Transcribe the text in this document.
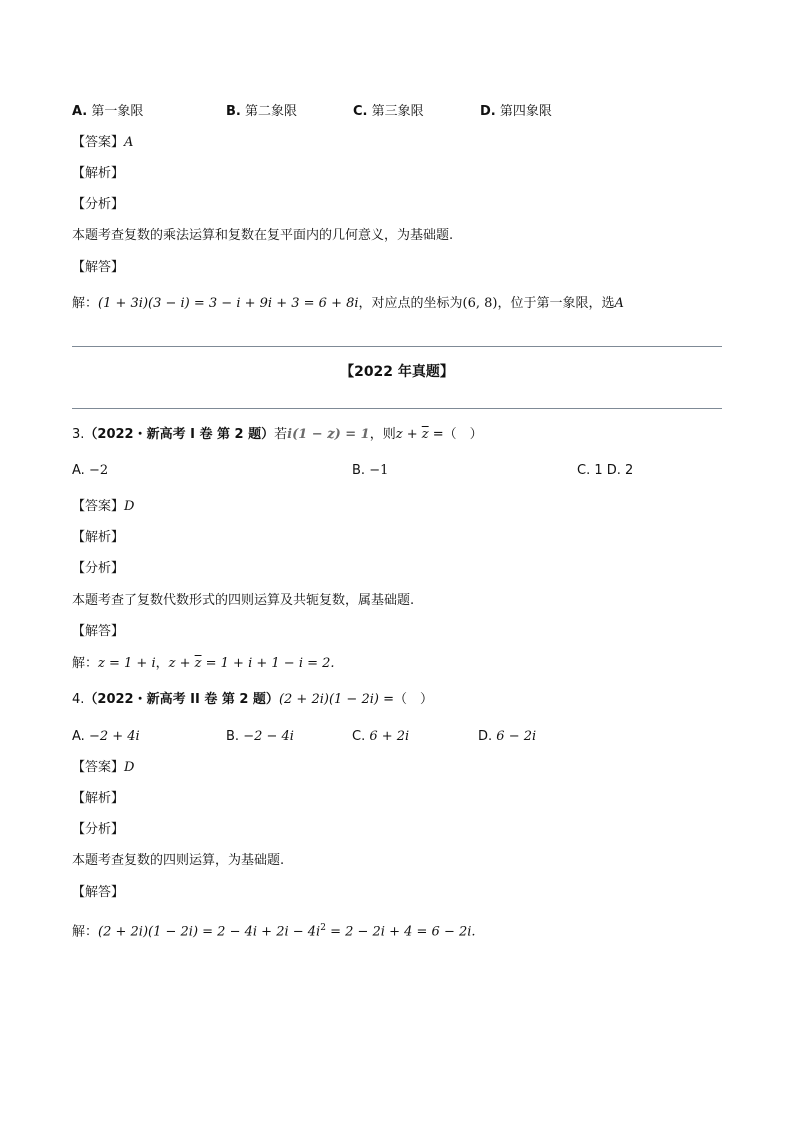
A. 第一象限	B. 第二象限	C. 第三象限	D. 第四象限
【答案】A
【解析】
【分析】
本题考查复数的乘法运算和复数在复平面内的几何意义，为基础题.
【解答】
解：(1 + 3i)(3 − i) = 3 − i + 9i + 3 = 6 + 8i，对应点的坐标为(6, 8)，位于第一象限，选A
【2022 年真题】
3.（2022・新高考 I 卷 第 2 题）若i(1 − z) = 1，则$z + \overline{z}$ =（　）
A. −2	B. −1	C. 1 D. 2
【答案】D
【解析】
【分析】
本题考查了复数代数形式的四则运算及共轭复数，属基础题.
【解答】
解：z = 1 + i，$z + \overline{z} = 1 + i + 1 - i = 2$.
4.（2022・新高考 II 卷 第 2 题）(2 + 2i)(1 − 2i) =（　）
A. −2 + 4i	B. −2 − 4i	C. 6 + 2i	D. 6 − 2i
【答案】D
【解析】
【分析】
本题考查复数的四则运算，为基础题.
【解答】
解：$(2 + 2i)(1 - 2i) = 2 - 4i + 2i - 4i^2 = 2 - 2i + 4 = 6 - 2i$.
